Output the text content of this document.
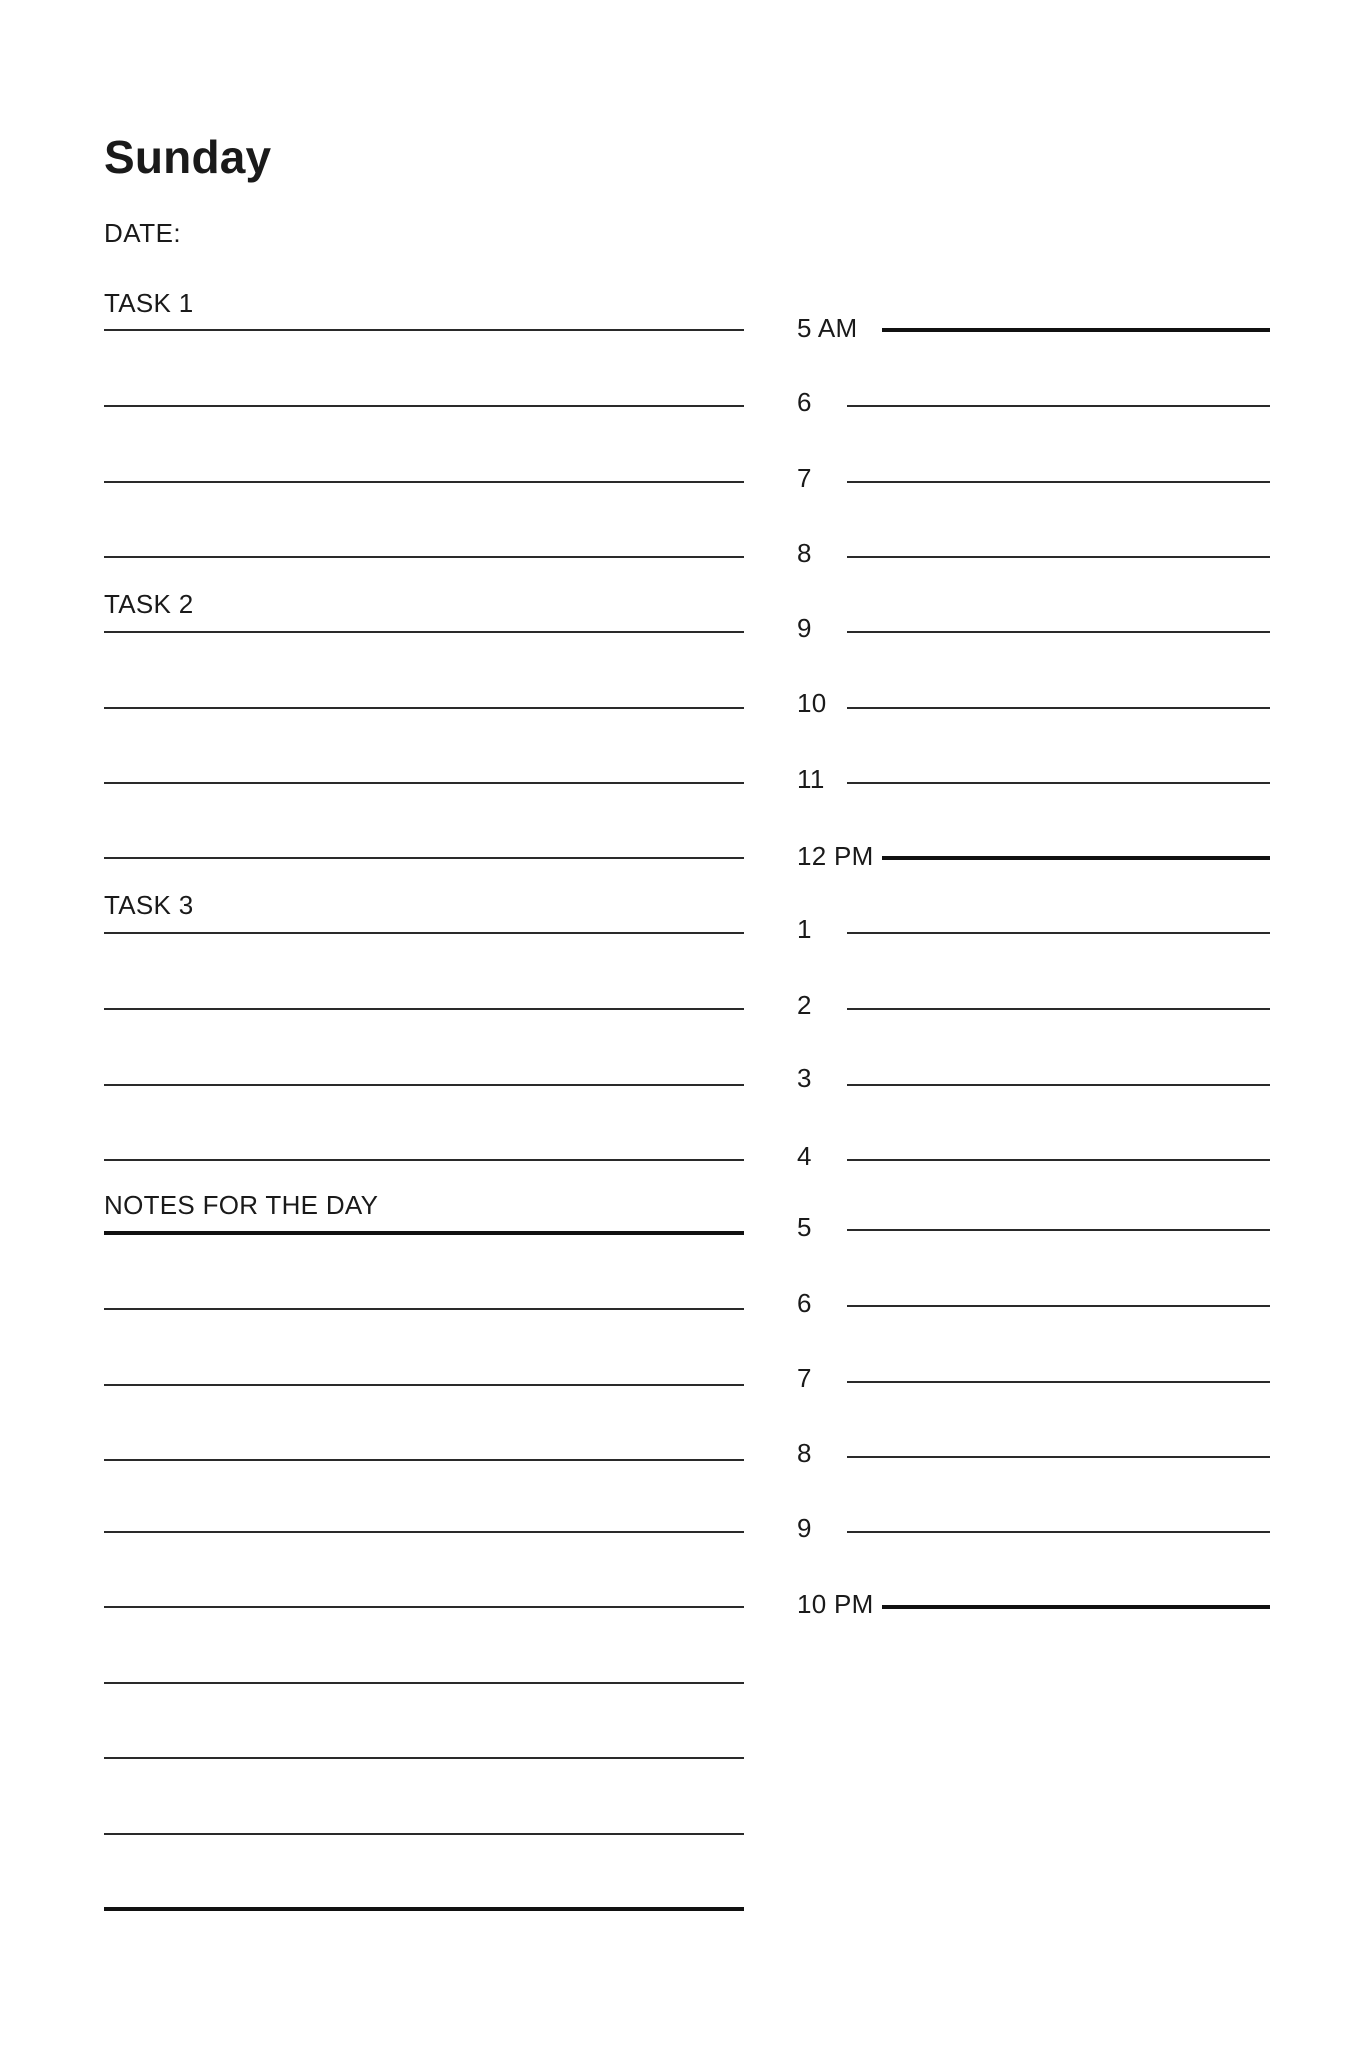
Sunday
DATE:
TASK 1
TASK 2
TASK 3
NOTES FOR THE DAY
5 AM
6
7
8
9
10
11
12 PM
1
2
3
4
5
6
7
8
9
10 PM
